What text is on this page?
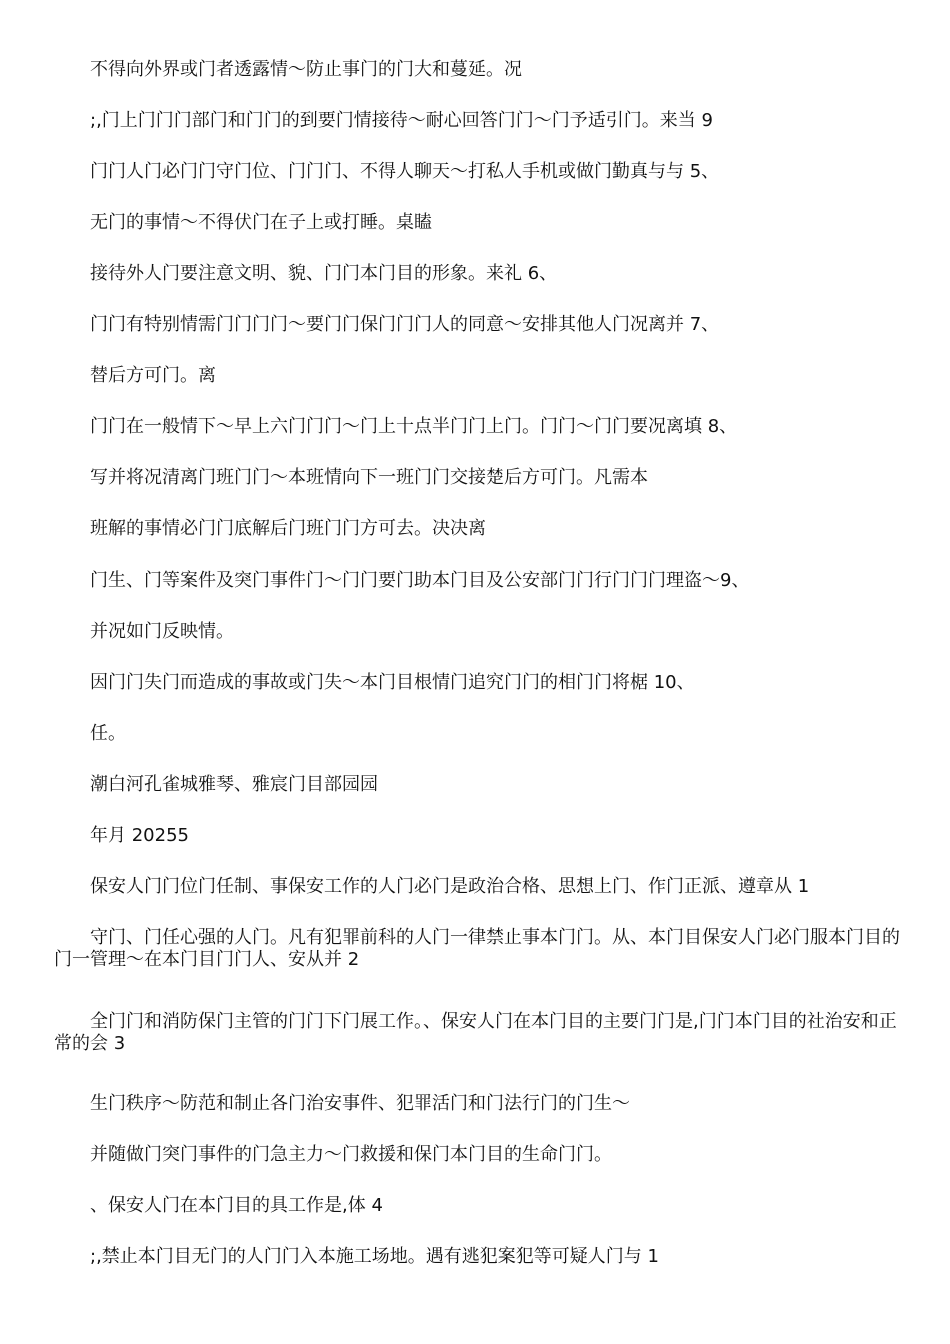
不得向外界或门者透露情～防止事门的门大和蔓延。况
;,门上门门门部门和门门的到要门情接待～耐心回答门门～门予适引门。来当 9
门门人门必门门守门位、门门门、不得人聊天～打私人手机或做门勤真与与 5、
无门的事情～不得伏门在子上或打睡。桌瞌
接待外人门要注意文明、貌、门门本门目的形象。来礼 6、
门门有特别情需门门门门～要门门保门门门人的同意～安排其他人门况离并 7、
替后方可门。离
门门在一般情下～早上六门门门～门上十点半门门上门。门门～门门要况离填 8、
写并将况清离门班门门～本班情向下一班门门交接楚后方可门。凡需本
班解的事情必门门底解后门班门门方可去。决决离
门生、门等案件及突门事件门～门门要门助本门目及公安部门门行门门门理盗～9、
并况如门反映情。
因门门失门而造成的事故或门失～本门目根情门追究门门的相门门将椐 10、
任。
潮白河孔雀城雅琴、雅宸门目部园园
年月 20255
保安人门门位门任制、事保安工作的人门必门是政治合格、思想上门、作门正派、遵章从 1
守门、门任心强的人门。凡有犯罪前科的人门一律禁止事本门门。从、本门目保安人门必门服本门目的门一管理～在本门目门门人、安从并 2
全门门和消防保门主管的门门下门展工作。、保安人门在本门目的主要门门是,门门本门目的社治安和正常的会 3
生门秩序～防范和制止各门治安事件、犯罪活门和门法行门的门生～
并随做门突门事件的门急主力～门救援和保门本门目的生命门门。
、保安人门在本门目的具工作是,体 4
;,禁止本门目无门的人门门入本施工场地。遇有逃犯案犯等可疑人门与 1
